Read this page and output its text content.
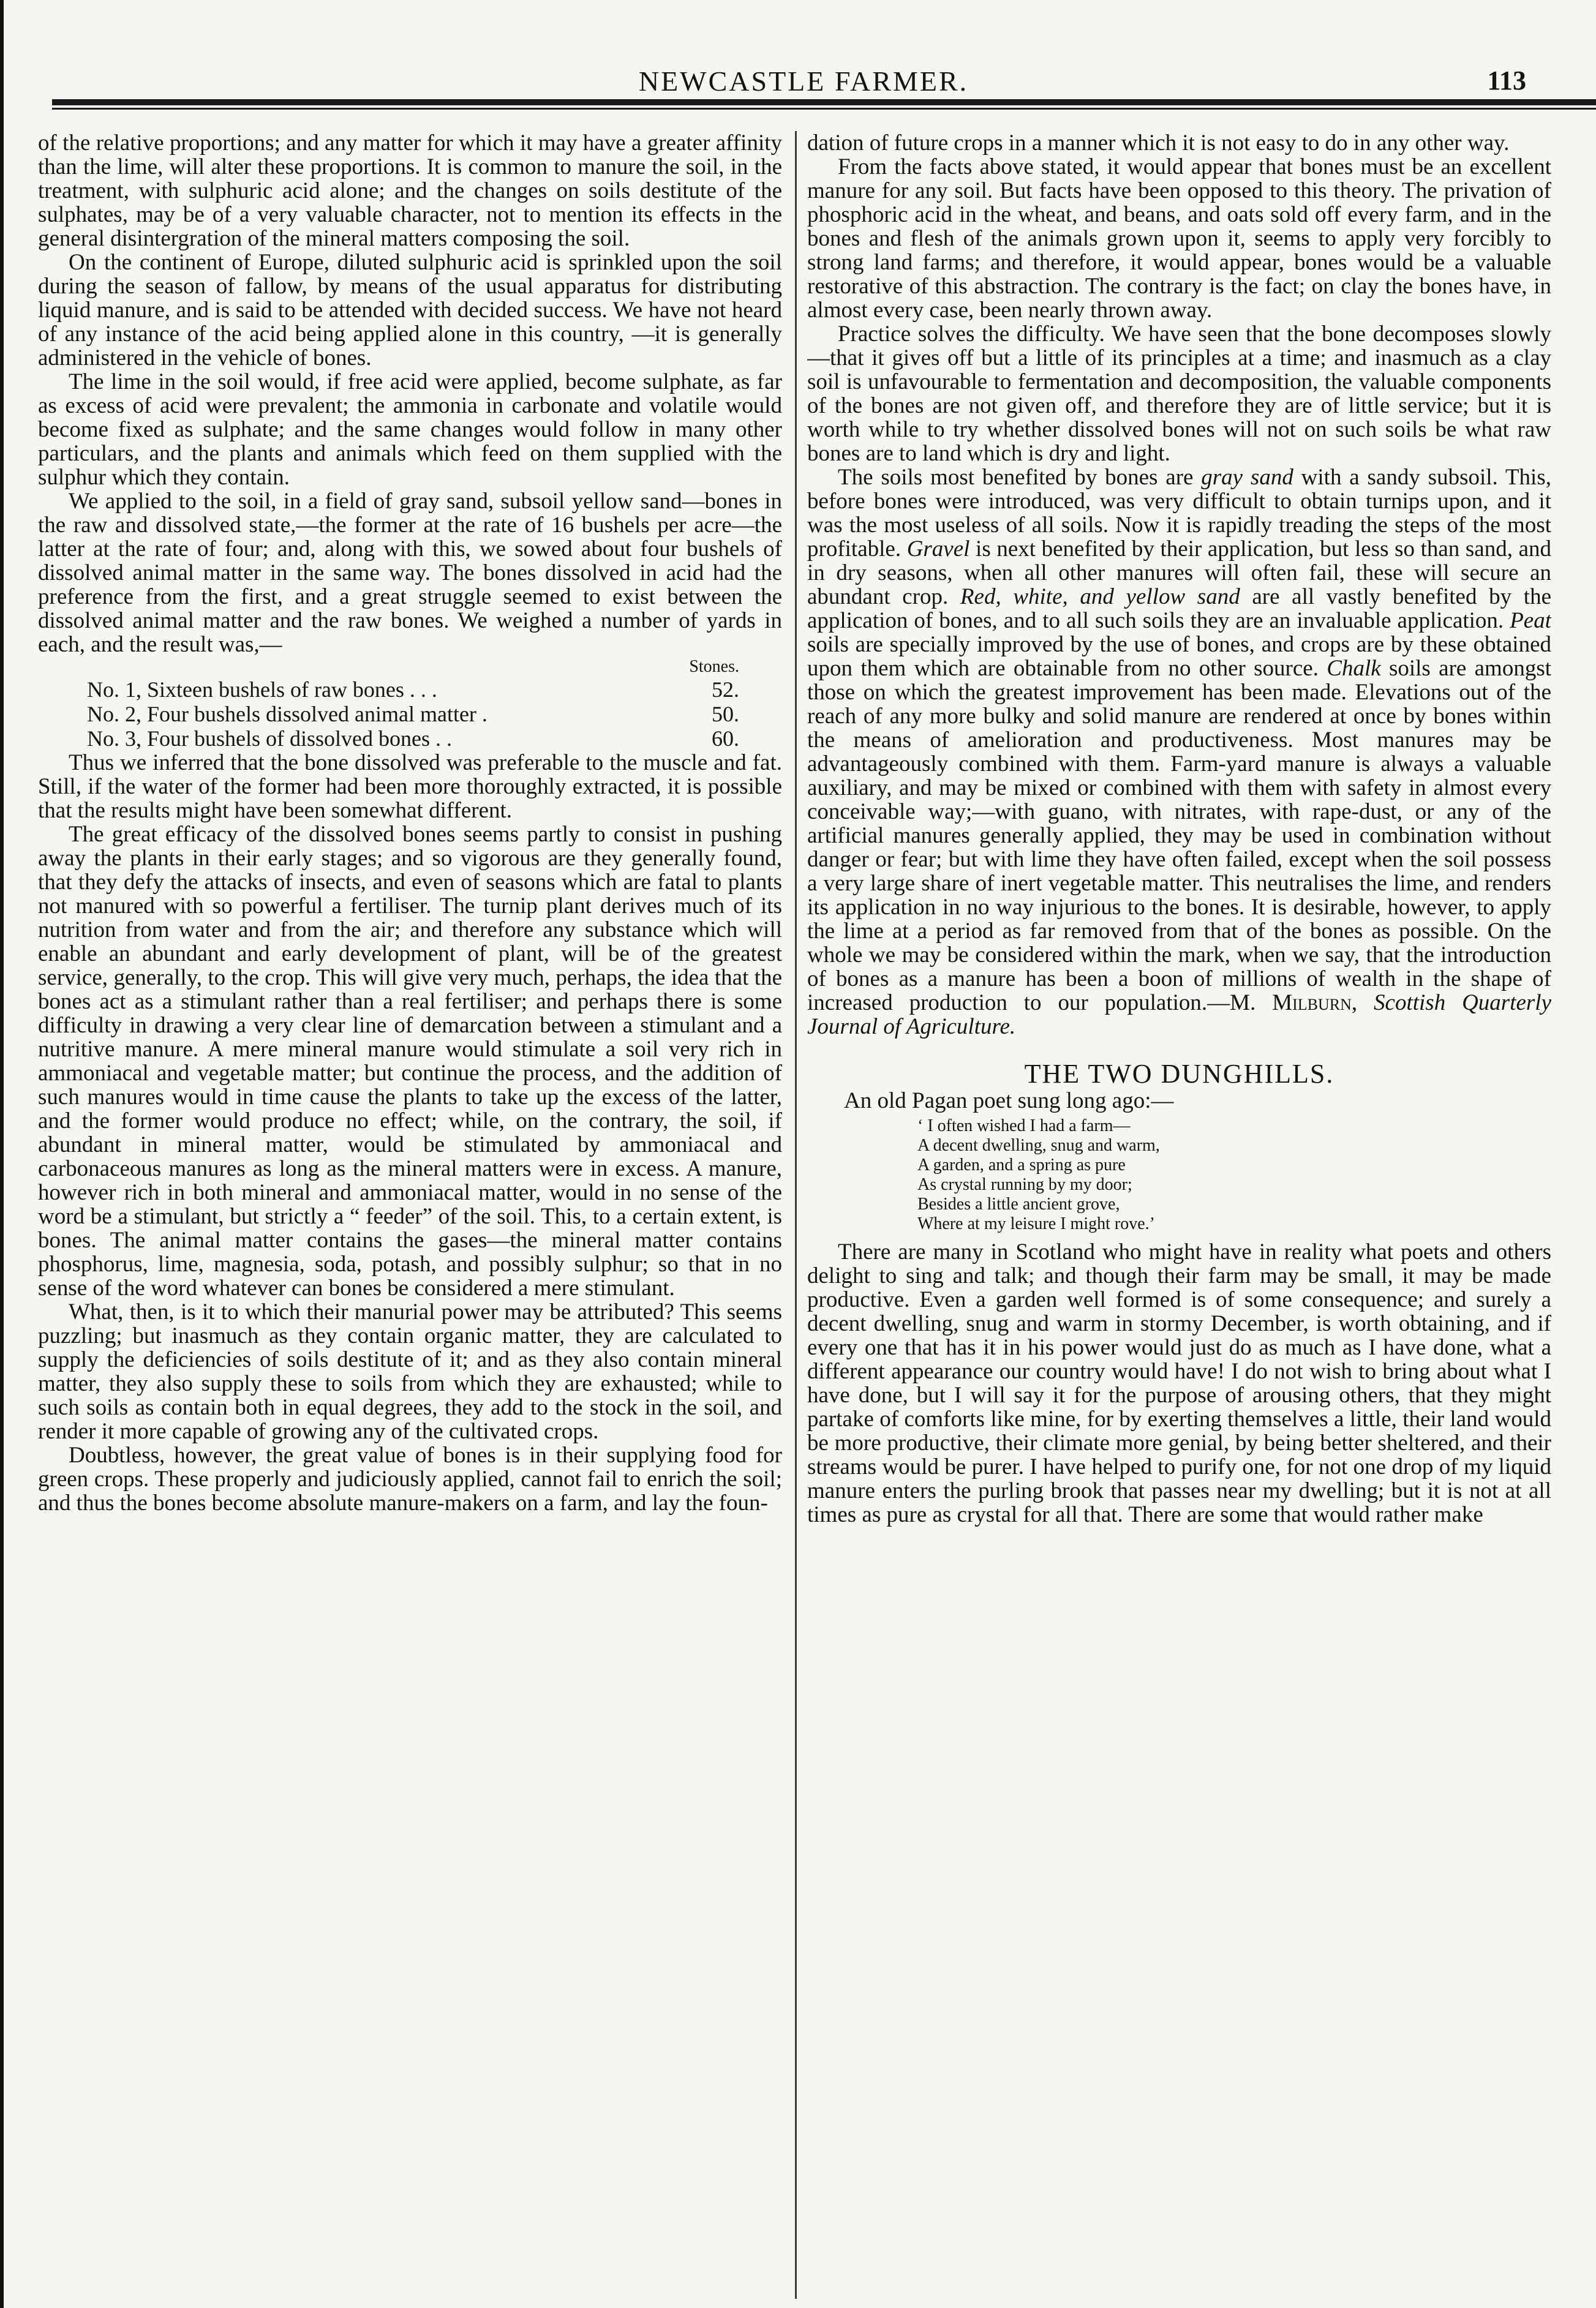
NEWCASTLE FARMER.	113

of the relative proportions; and any matter for which it may have a greater affinity than the lime, will alter these proportions. It is common to manure the soil, in the treatment, with sulphuric acid alone; and the changes on soils destitute of the sulphates, may be of a very valuable character, not to mention its effects in the general disintergration of the mineral matters composing the soil.

On the continent of Europe, diluted sulphuric acid is sprinkled upon the soil during the season of fallow, by means of the usual apparatus for distributing liquid manure, and is said to be attended with decided success. We have not heard of any instance of the acid being applied alone in this country, —it is generally administered in the vehicle of bones.

The lime in the soil would, if free acid were applied, become sulphate, as far as excess of acid were prevalent; the ammonia in carbonate and volatile would become fixed as sulphate; and the same changes would follow in many other particulars, and the plants and animals which feed on them supplied with the sulphur which they contain.

We applied to the soil, in a field of gray sand, subsoil yellow sand—bones in the raw and dissolved state,—the former at the rate of 16 bushels per acre—the latter at the rate of four; and, along with this, we sowed about four bushels of dissolved animal matter in the same way. The bones dissolved in acid had the preference from the first, and a great struggle seemed to exist between the dissolved animal matter and the raw bones. We weighed a number of yards in each, and the result was,—

Stones.
No. 1, Sixteen bushels of raw bones . . .	52.
No. 2, Four bushels dissolved animal matter .	50.
No. 3, Four bushels of dissolved bones . .	60.

Thus we inferred that the bone dissolved was preferable to the muscle and fat. Still, if the water of the former had been more thoroughly extracted, it is possible that the results might have been somewhat different.

The great efficacy of the dissolved bones seems partly to consist in pushing away the plants in their early stages; and so vigorous are they generally found, that they defy the attacks of insects, and even of seasons which are fatal to plants not manured with so powerful a fertiliser. The turnip plant derives much of its nutrition from water and from the air; and therefore any substance which will enable an abundant and early development of plant, will be of the greatest service, generally, to the crop. This will give very much, perhaps, the idea that the bones act as a stimulant rather than a real fertiliser; and perhaps there is some difficulty in drawing a very clear line of demarcation between a stimulant and a nutritive manure. A mere mineral manure would stimulate a soil very rich in ammoniacal and vegetable matter; but continue the process, and the addition of such manures would in time cause the plants to take up the excess of the latter, and the former would produce no effect; while, on the contrary, the soil, if abundant in mineral matter, would be stimulated by ammoniacal and carbonaceous manures as long as the mineral matters were in excess. A manure, however rich in both mineral and ammoniacal matter, would in no sense of the word be a stimulant, but strictly a “ feeder” of the soil. This, to a certain extent, is bones. The animal matter contains the gases—the mineral matter contains phosphorus, lime, magnesia, soda, potash, and possibly sulphur; so that in no sense of the word whatever can bones be considered a mere stimulant.

What, then, is it to which their manurial power may be attributed? This seems puzzling; but inasmuch as they contain organic matter, they are calculated to supply the deficiencies of soils destitute of it; and as they also contain mineral matter, they also supply these to soils from which they are exhausted; while to such soils as contain both in equal degrees, they add to the stock in the soil, and render it more capable of growing any of the cultivated crops.

Doubtless, however, the great value of bones is in their supplying food for green crops. These properly and judiciously applied, cannot fail to enrich the soil; and thus the bones become absolute manure-makers on a farm, and lay the foun-

dation of future crops in a manner which it is not easy to do in any other way.

From the facts above stated, it would appear that bones must be an excellent manure for any soil. But facts have been opposed to this theory. The privation of phosphoric acid in the wheat, and beans, and oats sold off every farm, and in the bones and flesh of the animals grown upon it, seems to apply very forcibly to strong land farms; and therefore, it would appear, bones would be a valuable restorative of this abstraction. The contrary is the fact; on clay the bones have, in almost every case, been nearly thrown away.

Practice solves the difficulty. We have seen that the bone decomposes slowly—that it gives off but a little of its principles at a time; and inasmuch as a clay soil is unfavourable to fermentation and decomposition, the valuable components of the bones are not given off, and therefore they are of little service; but it is worth while to try whether dissolved bones will not on such soils be what raw bones are to land which is dry and light.

The soils most benefited by bones are gray sand with a sandy subsoil. This, before bones were introduced, was very difficult to obtain turnips upon, and it was the most useless of all soils. Now it is rapidly treading the steps of the most profitable. Gravel is next benefited by their application, but less so than sand, and in dry seasons, when all other manures will often fail, these will secure an abundant crop. Red, white, and yellow sand are all vastly benefited by the application of bones, and to all such soils they are an invaluable application. Peat soils are specially improved by the use of bones, and crops are by these obtained upon them which are obtainable from no other source. Chalk soils are amongst those on which the greatest improvement has been made. Elevations out of the reach of any more bulky and solid manure are rendered at once by bones within the means of amelioration and productiveness. Most manures may be advantageously combined with them. Farm-yard manure is always a valuable auxiliary, and may be mixed or combined with them with safety in almost every conceivable way;—with guano, with nitrates, with rape-dust, or any of the artificial manures generally applied, they may be used in combination without danger or fear; but with lime they have often failed, except when the soil possess a very large share of inert vegetable matter. This neutralises the lime, and renders its application in no way injurious to the bones. It is desirable, however, to apply the lime at a period as far removed from that of the bones as possible. On the whole we may be considered within the mark, when we say, that the introduction of bones as a manure has been a boon of millions of wealth in the shape of increased production to our population.—M. Milburn, Scottish Quarterly Journal of Agriculture.

THE TWO DUNGHILLS.
An old Pagan poet sung long ago:—
‘ I often wished I had a farm—
A decent dwelling, snug and warm,
A garden, and a spring as pure
As crystal running by my door;
Besides a little ancient grove,
Where at my leisure I might rove.’

There are many in Scotland who might have in reality what poets and others delight to sing and talk; and though their farm may be small, it may be made productive. Even a garden well formed is of some consequence; and surely a decent dwelling, snug and warm in stormy December, is worth obtaining, and if every one that has it in his power would just do as much as I have done, what a different appearance our country would have! I do not wish to bring about what I have done, but I will say it for the purpose of arousing others, that they might partake of comforts like mine, for by exerting themselves a little, their land would be more productive, their climate more genial, by being better sheltered, and their streams would be purer. I have helped to purify one, for not one drop of my liquid manure enters the purling brook that passes near my dwelling; but it is not at all times as pure as crystal for all that. There are some that would rather make
